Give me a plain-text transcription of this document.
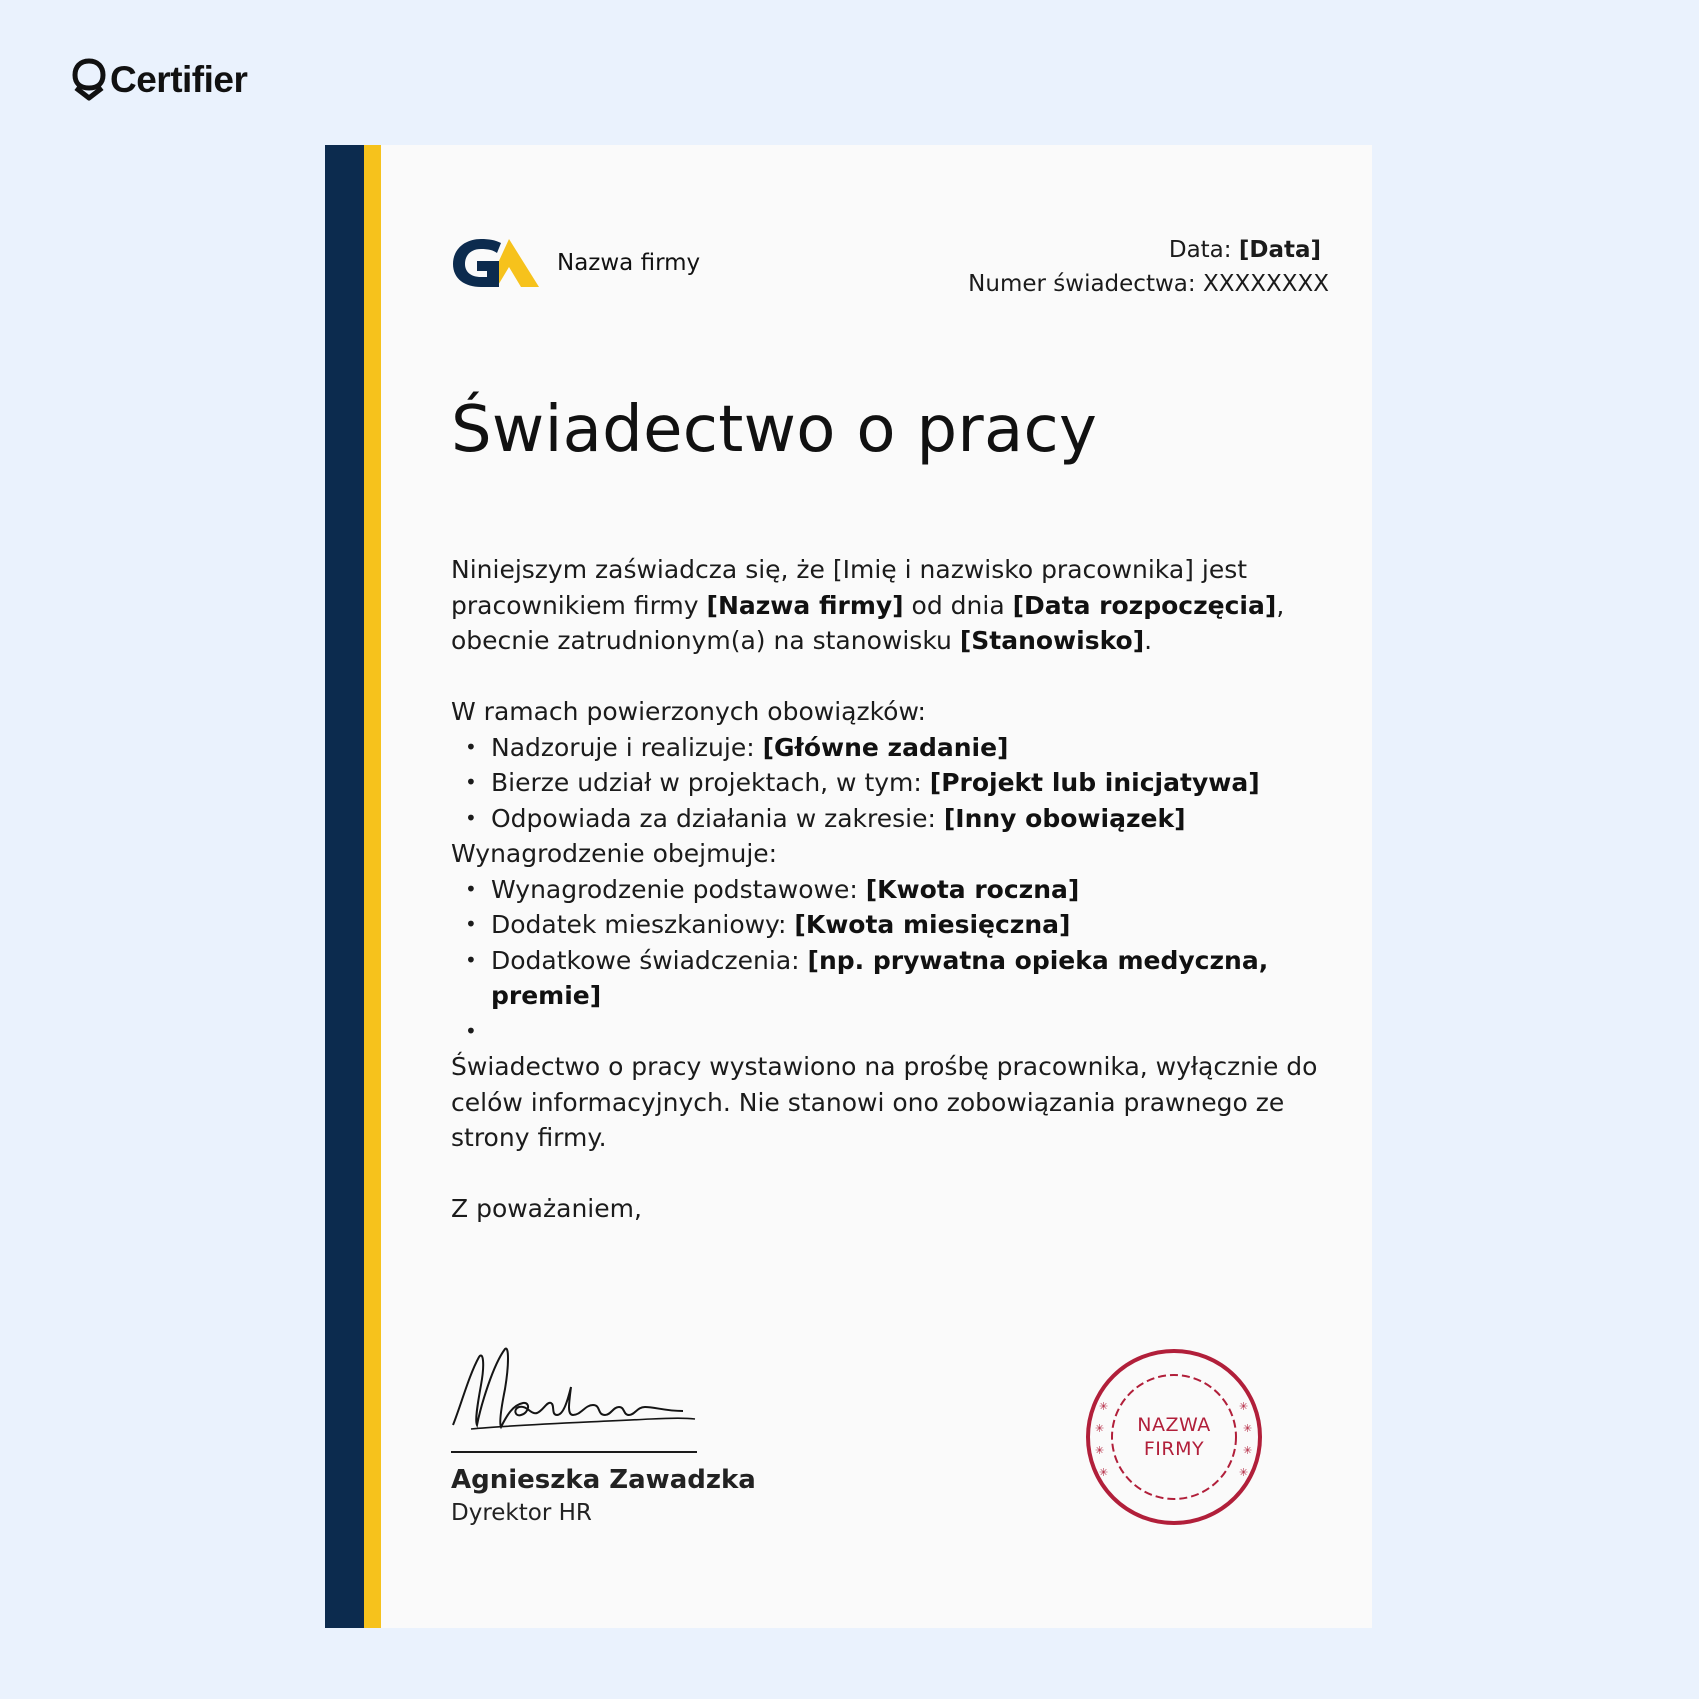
Certifier
Nazwa firmy	Data: [Data]
Numer świadectwa: XXXXXXXX
Świadectwo o pracy

Niniejszym zaświadcza się, że [Imię i nazwisko pracownika] jest pracownikiem firmy [Nazwa firmy] od dnia [Data rozpoczęcia], obecnie zatrudnionym(a) na stanowisku [Stanowisko].

W ramach powierzonych obowiązków:

• Nadzoruje i realizuje: [Główne zadanie]
• Bierze udział w projektach, w tym: [Projekt lub inicjatywa]
• Odpowiada za działania w zakresie: [Inny obowiązek]

Wynagrodzenie obejmuje:

• Wynagrodzenie podstawowe: [Kwota roczna]
• Dodatek mieszkaniowy: [Kwota miesięczna]
• Dodatkowe świadczenia: [np. prywatna opieka medyczna, premie]
•

Świadectwo o pracy wystawiono na prośbę pracownika, wyłącznie do celów informacyjnych. Nie stanowi ono zobowiązania prawnego ze strony firmy.

Z poważaniem,

Agnieszka Zawadzka
Dyrektor HR
✳
✳
✳
✳
✳
✳
✳
✳
NAZWA
FIRMY
